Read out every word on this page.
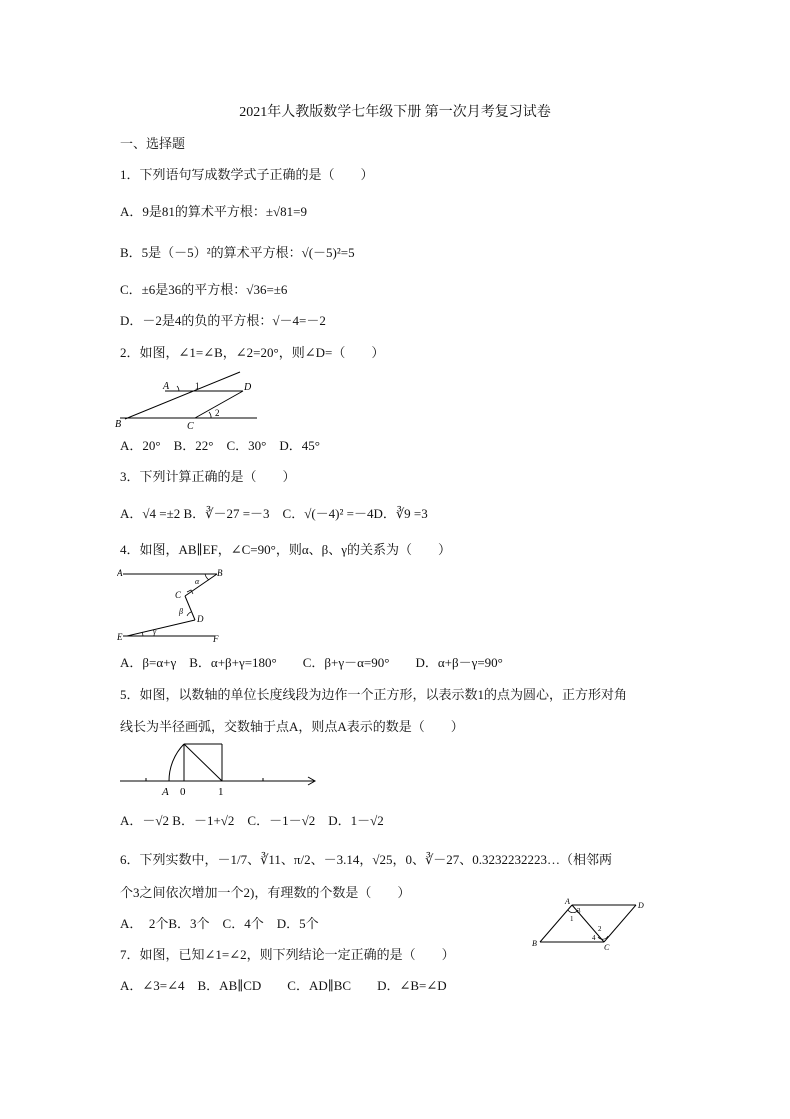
2021年人教版数学七年级下册 第一次月考复习试卷
一、选择题
1．下列语句写成数学式子正确的是（　　）
A．9是81的算术平方根：±√81=9
B．5是（－5）²的算术平方根：√(－5)²=5
C．±6是36的平方根：√36=±6
D．－2是4的负的平方根：√－4=－2
2．如图，∠1=∠B，∠2=20°，则∠D=（　　）
A
B	C
D
1
2
A．20°　B．22°　C．30°　D．45°
3．下列计算正确的是（　　）
A．√4 =±2 B．∛－27 =－3　C．√(－4)² =－4D．∛9 =3
4．如图，AB∥EF，∠C=90°，则α、β、γ的关系为（　　）
A	B
C
D
E	F
α
β
γ
A．β=α+γ　B．α+β+γ=180°　　C．β+γ－α=90°　　D．α+β－γ=90°
5．如图，以数轴的单位长度线段为边作一个正方形，以表示数1的点为圆心，正方形对角
线长为半径画弧，交数轴于点A，则点A表示的数是（　　）
A 0	1
A．－√2 B．－1+√2　C．－1－√2　D．1－√2
6．下列实数中，－1/7、∛11、π/2、－3.14，√25，0、∛－27、0.3232232223…（相邻两
个3之间依次增加一个2)，有理数的个数是（　　）
A．　2个B．3个　C．4个　D．5个
A
B	C
D
1
3
2
4
7．如图，已知∠1=∠2，则下列结论一定正确的是（　　）
A．∠3=∠4　B．AB∥CD　　C．AD∥BC　　D．∠B=∠D
